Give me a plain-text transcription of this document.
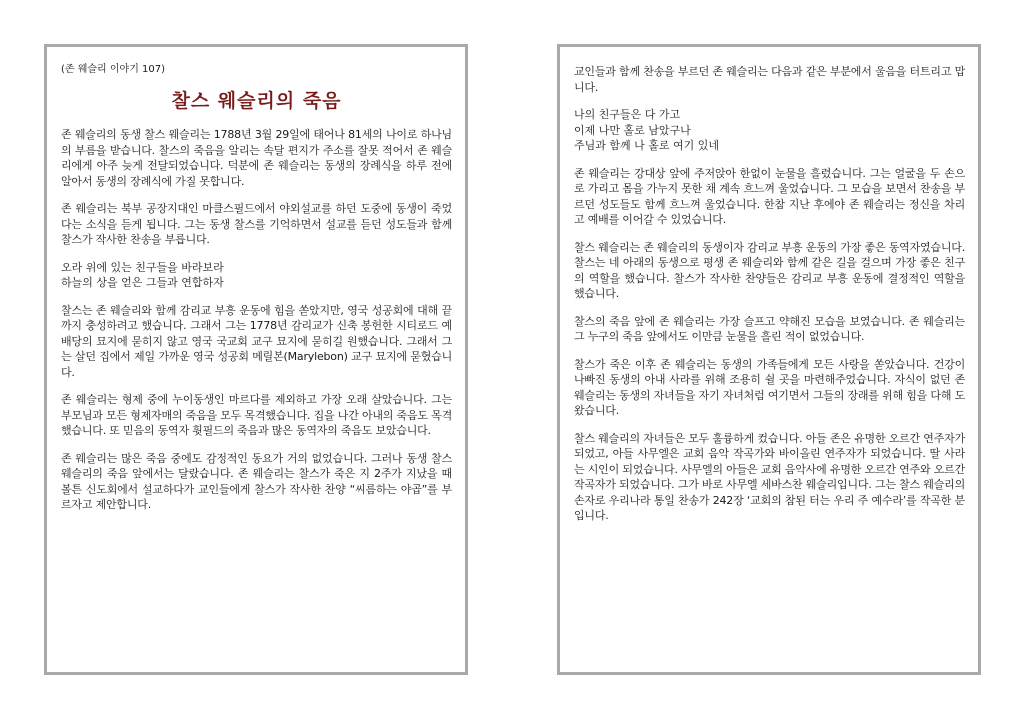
(존 웨슬리 이야기 107)
찰스 웨슬리의 죽음

존 웨슬리의 동생 찰스 웨슬리는 1788년 3월 29일에 태어나 81세의 나이로 하나님의 부름을 받습니다. 찰스의 죽음을 알리는 속달 편지가 주소를 잘못 적어서 존 웨슬리에게 아주 늦게 전달되었습니다. 덕분에 존 웨슬리는 동생의 장례식을 하루 전에 알아서 동생의 장례식에 가질 못합니다.

존 웨슬리는 북부 공장지대인 마클스필드에서 야외설교를 하던 도중에 동생이 죽었다는 소식을 듣게 됩니다. 그는 동생 찰스를 기억하면서 설교를 듣던 성도들과 함께 찰스가 작사한 찬송을 부릅니다.

오라 위에 있는 친구들을 바라보라
하늘의 상을 얻은 그들과 연합하자

찰스는 존 웨슬리와 함께 감리교 부흥 운동에 힘을 쏟았지만, 영국 성공회에 대해 끝까지 충성하려고 했습니다. 그래서 그는 1778년 감리교가 신축 봉헌한 시티로드 예배당의 묘지에 묻히지 않고 영국 국교회 교구 묘지에 묻히길 원했습니다. 그래서 그는 살던 집에서 제일 가까운 영국 성공회 메릴본(Marylebon) 교구 묘지에 묻혔습니다.

존 웨슬리는 형제 중에 누이동생인 마르다를 제외하고 가장 오래 살았습니다. 그는 부모님과 모든 형제자매의 죽음을 모두 목격했습니다. 집을 나간 아내의 죽음도 목격했습니다. 또 믿음의 동역자 휫필드의 죽음과 많은 동역자의 죽음도 보았습니다.

존 웨슬리는 많은 죽음 중에도 감정적인 동요가 거의 없었습니다. 그러나 동생 찰스 웨슬리의 죽음 앞에서는 달랐습니다. 존 웨슬리는 찰스가 죽은 지 2주가 지났을 때 볼튼 신도회에서 설교하다가 교인들에게 찰스가 작사한 찬양 “씨름하는 야곱”를 부르자고 제안합니다.

교인들과 함께 찬송을 부르던 존 웨슬리는 다음과 같은 부분에서 울음을 터트리고 맙니다.

나의 친구들은 다 가고
이제 나만 홀로 남았구나
주님과 함께 나 홀로 여기 있네

존 웨슬리는 강대상 앞에 주저앉아 한없이 눈물을 흘렸습니다. 그는 얼굴을 두 손으로 가리고 몸을 가누지 못한 채 계속 흐느껴 울었습니다. 그 모습을 보면서 찬송을 부르던 성도들도 함께 흐느껴 울었습니다. 한참 지난 후에야 존 웨슬리는 정신을 차리고 예배를 이어갈 수 있었습니다.

찰스 웨슬리는 존 웨슬리의 동생이자 감리교 부흥 운동의 가장 좋은 동역자였습니다. 찰스는 네 아래의 동생으로 평생 존 웨슬리와 함께 같은 길을 걸으며 가장 좋은 친구의 역할을 했습니다. 찰스가 작사한 찬양들은 감리교 부흥 운동에 결정적인 역할을 했습니다.

찰스의 죽음 앞에 존 웨슬리는 가장 슬프고 약해진 모습을 보였습니다. 존 웨슬리는 그 누구의 죽음 앞에서도 이만큼 눈물을 흘린 적이 없었습니다.

찰스가 죽은 이후 존 웨슬리는 동생의 가족들에게 모든 사랑을 쏟았습니다. 건강이 나빠진 동생의 아내 사라를 위해 조용히 쉴 곳을 마련해주었습니다. 자식이 없던 존 웨슬리는 동생의 자녀들을 자기 자녀처럼 여기면서 그들의 장래를 위해 힘을 다해 도왔습니다.

찰스 웨슬리의 자녀들은 모두 훌륭하게 컸습니다. 아들 존은 유명한 오르간 연주자가 되었고, 아들 사무엘은 교회 음악 작곡가와 바이올린 연주자가 되었습니다. 딸 사라는 시인이 되었습니다. 사무엘의 아들은 교회 음악사에 유명한 오르간 연주와 오르간 작곡자가 되었습니다. 그가 바로 사무엘 세바스찬 웨슬리입니다. 그는 찰스 웨슬리의 손자로 우리나라 통일 찬송가 242장 ‘교회의 참된 터는 우리 주 예수라’를 작곡한 분입니다.
